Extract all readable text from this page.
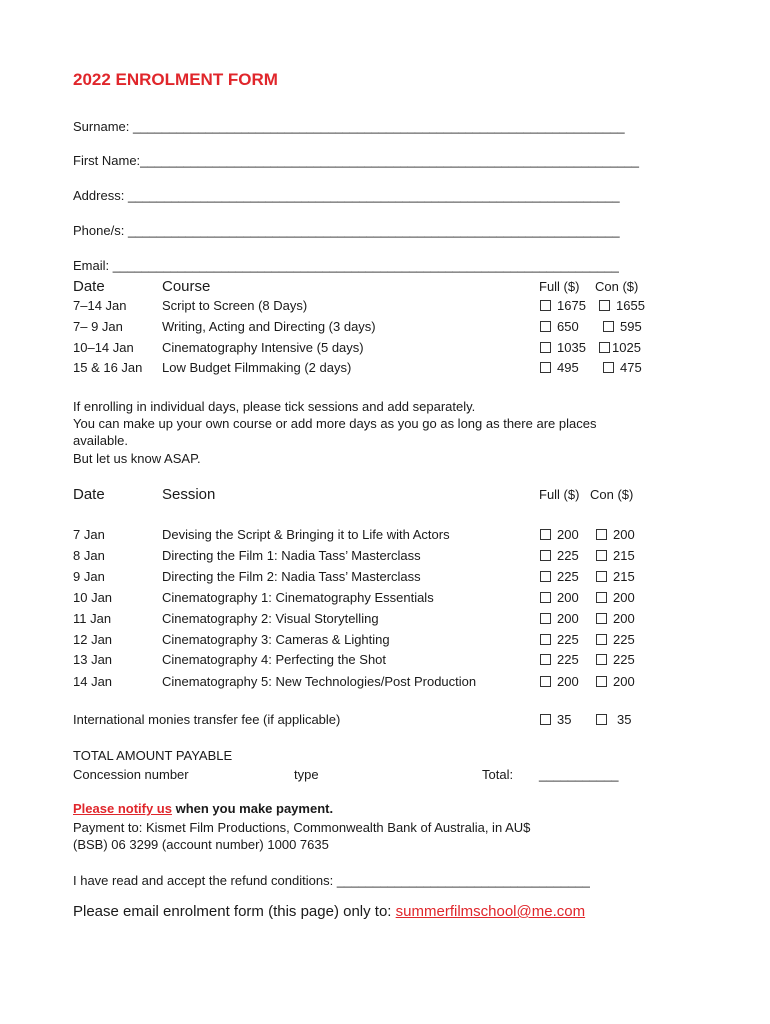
2022 ENROLMENT FORM
Surname: ____________________________________________________________________
First Name:_____________________________________________________________________
Address: ____________________________________________________________________
Phone/s: ____________________________________________________________________
Email: ______________________________________________________________________
Date	Course	Full ($) Con ($)
7–14 Jan	Script to Screen (8 Days)	1675	1655
7– 9 Jan	Writing, Acting and Directing (3 days)	650	595
10–14 Jan Cinematography Intensive (5 days)	1035	1025
15 & 16 Jan Low Budget Filmmaking (2 days)	495	475
If enrolling in individual days, please tick sessions and add separately.
You can make up your own course or add more days as you go as long as there are places
available.
But let us know ASAP.
Date	Session	Full ($) Con ($)
7 Jan	Devising the Script & Bringing it to Life with Actors	200	200
8 Jan	Directing the Film 1: Nadia Tass’ Masterclass	225	215
9 Jan	Directing the Film 2: Nadia Tass’ Masterclass	225	215
10 Jan	Cinematography 1: Cinematography Essentials	200	200
11 Jan	Cinematography 2: Visual Storytelling	200	200
12 Jan	Cinematography 3: Cameras & Lighting	225	225
13 Jan	Cinematography 4: Perfecting the Shot	225	225
14 Jan	Cinematography 5: New Technologies/Post Production	200	200
International monies transfer fee (if applicable)	35	35
TOTAL AMOUNT PAYABLE
Concession number	type	Total: ___________
Please notify us when you make payment.
Payment to: Kismet Film Productions, Commonwealth Bank of Australia, in AU$
(BSB) 06 3299 (account number) 1000 7635
I have read and accept the refund conditions: ___________________________________
Please email enrolment form (this page) only to: summerfilmschool@me.com
